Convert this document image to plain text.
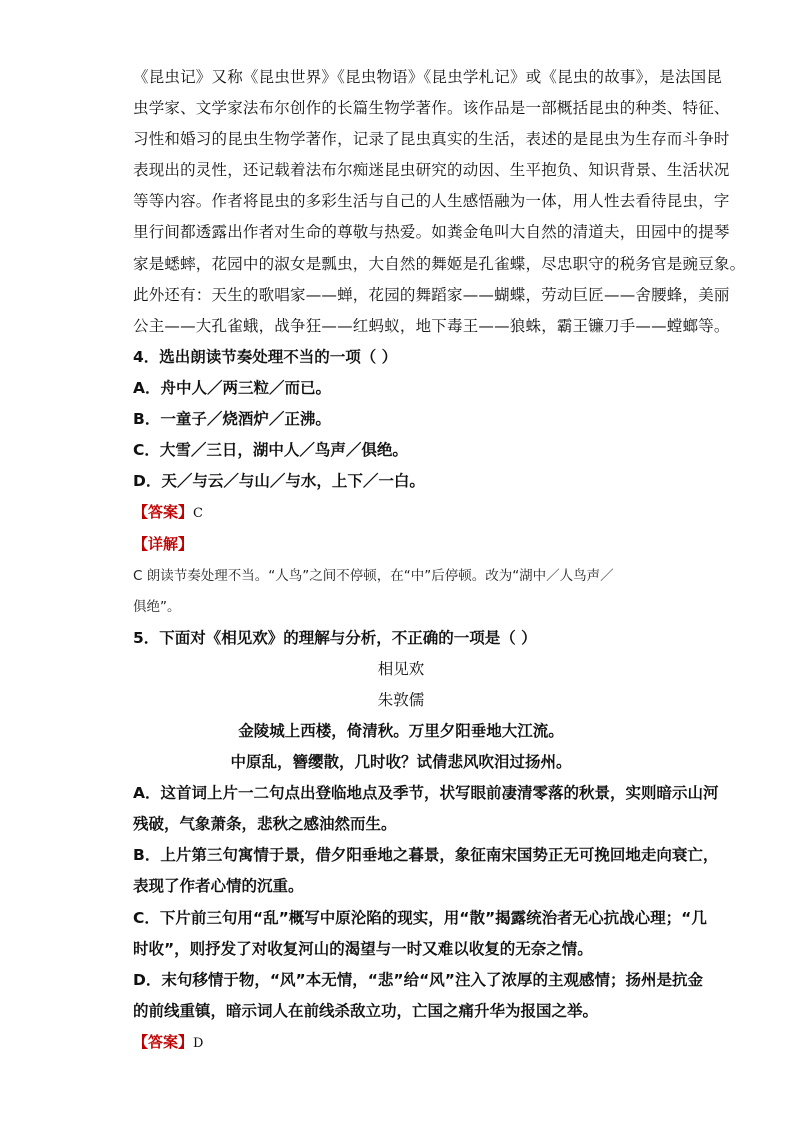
《昆虫记》又称《昆虫世界》《昆虫物语》《昆虫学札记》或《昆虫的故事》，是法国昆

虫学家、文学家法布尔创作的长篇生物学著作。该作品是一部概括昆虫的种类、特征、

习性和婚习的昆虫生物学著作，记录了昆虫真实的生活，表述的是昆虫为生存而斗争时

表现出的灵性，还记载着法布尔痴迷昆虫研究的动因、生平抱负、知识背景、生活状况

等等内容。作者将昆虫的多彩生活与自己的人生感悟融为一体，用人性去看待昆虫，字

里行间都透露出作者对生命的尊敬与热爱。如粪金龟叫大自然的清道夫，田园中的提琴

家是蟋蟀，花园中的淑女是瓢虫，大自然的舞姬是孔雀蝶，尽忠职守的税务官是豌豆象。

此外还有：天生的歌唱家——蝉，花园的舞蹈家——蝴蝶，劳动巨匠——舍腰蜂，美丽

公主——大孔雀蛾，战争狂——红蚂蚁，地下毒王——狼蛛，霸王镰刀手——螳螂等。

4．选出朗读节奏处理不当的一项（ ）

A．舟中人／两三粒／而已。

B．一童子／烧酒炉／正沸。

C．大雪／三日，湖中人／鸟声／俱绝。

D．天／与云／与山／与水，上下／一白。

【答案】C

【详解】

C 朗读节奏处理不当。“人鸟”之间不停顿，在“中”后停顿。改为“湖中／人鸟声／

俱绝”。

5．下面对《相见欢》的理解与分析，不正确的一项是（ ）

相见欢

朱敦儒

金陵城上西楼，倚清秋。万里夕阳垂地大江流。

中原乱，簪缨散，几时收？试倩悲风吹泪过扬州。

A．这首词上片一二句点出登临地点及季节，状写眼前凄清零落的秋景，实则暗示山河

残破，气象萧条，悲秋之感油然而生。

B．上片第三句寓情于景，借夕阳垂地之暮景，象征南宋国势正无可挽回地走向衰亡，

表现了作者心情的沉重。

C．下片前三句用“乱”概写中原沦陷的现实，用“散”揭露统治者无心抗战心理；“几

时收”，则抒发了对收复河山的渴望与一时又难以收复的无奈之情。

D．末句移情于物，“风”本无情，“悲”给“风”注入了浓厚的主观感情；扬州是抗金

的前线重镇，暗示词人在前线杀敌立功，亡国之痛升华为报国之举。

【答案】D
